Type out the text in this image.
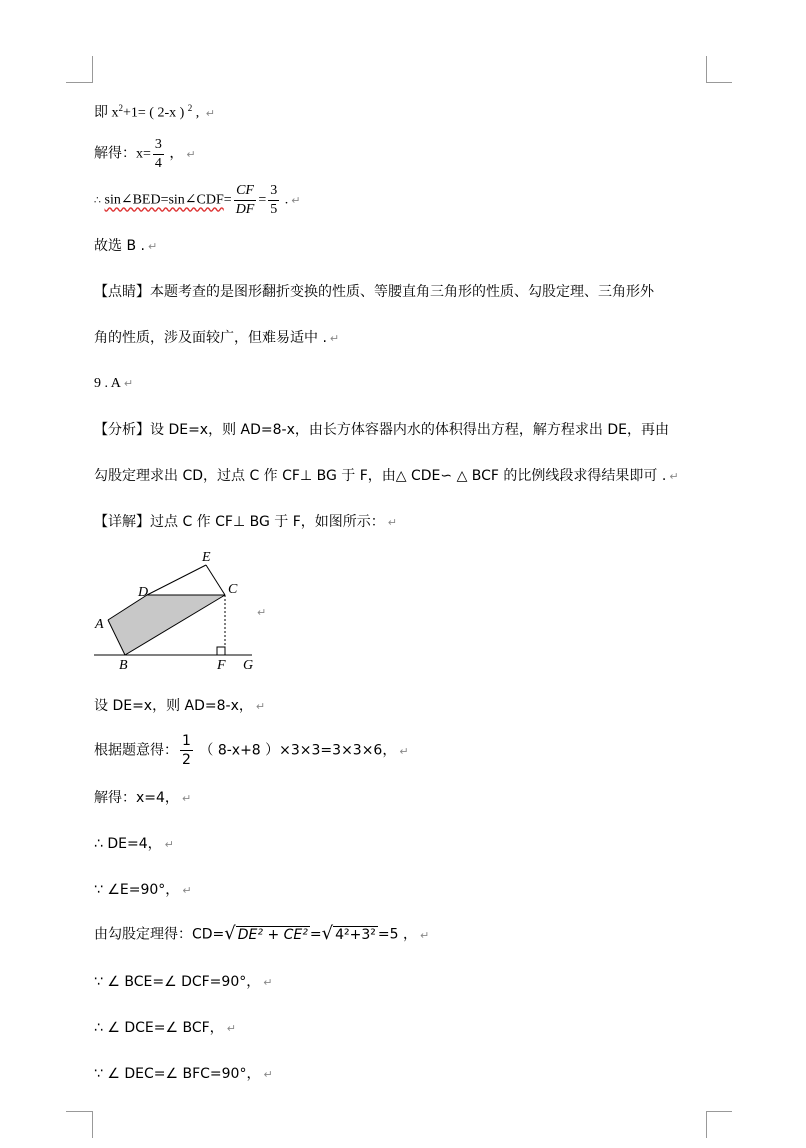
即 $x^2+1=$ ( 2-x ) $^2$ , ↵
解得：$x= \frac{3}{4}$ ， ↵
∴ sin∠BED=sin∠CDF= $\frac{CF}{DF} = \frac{3}{5}$ . ↵
故选 B . ↵
【点睛】本题考查的是图形翻折变换的性质、等腰直角三角形的性质、勾股定理、三角形外
角的性质，涉及面较广，但难易适中 . ↵
9 . A ↵
【分析】设 DE=x，则 AD=8-x，由长方体容器内水的体积得出方程，解方程求出 DE，再由
勾股定理求出 CD，过点 C 作 CF⊥ BG 于 F，由△ CDE∽ △ BCF 的比例线段求得结果即可 . ↵
【详解】过点 C 作 CF⊥ BG 于 F，如图所示： ↵
E
D	C
A
B	F G
↵
设 DE=x，则 AD=8-x， ↵
根据题意得： $\frac{1}{2}$ （ 8-x+8 ）×3×3=3×3×6， ↵
解得：x=4， ↵
∴ DE=4， ↵
∵ ∠E=90°， ↵
由勾股定理得：CD=√ DE² + CE² =√ 4²+3² =5 ， ↵
∵ ∠ BCE=∠ DCF=90°， ↵
∴ ∠ DCE=∠ BCF， ↵
∵ ∠ DEC=∠ BFC=90°， ↵
